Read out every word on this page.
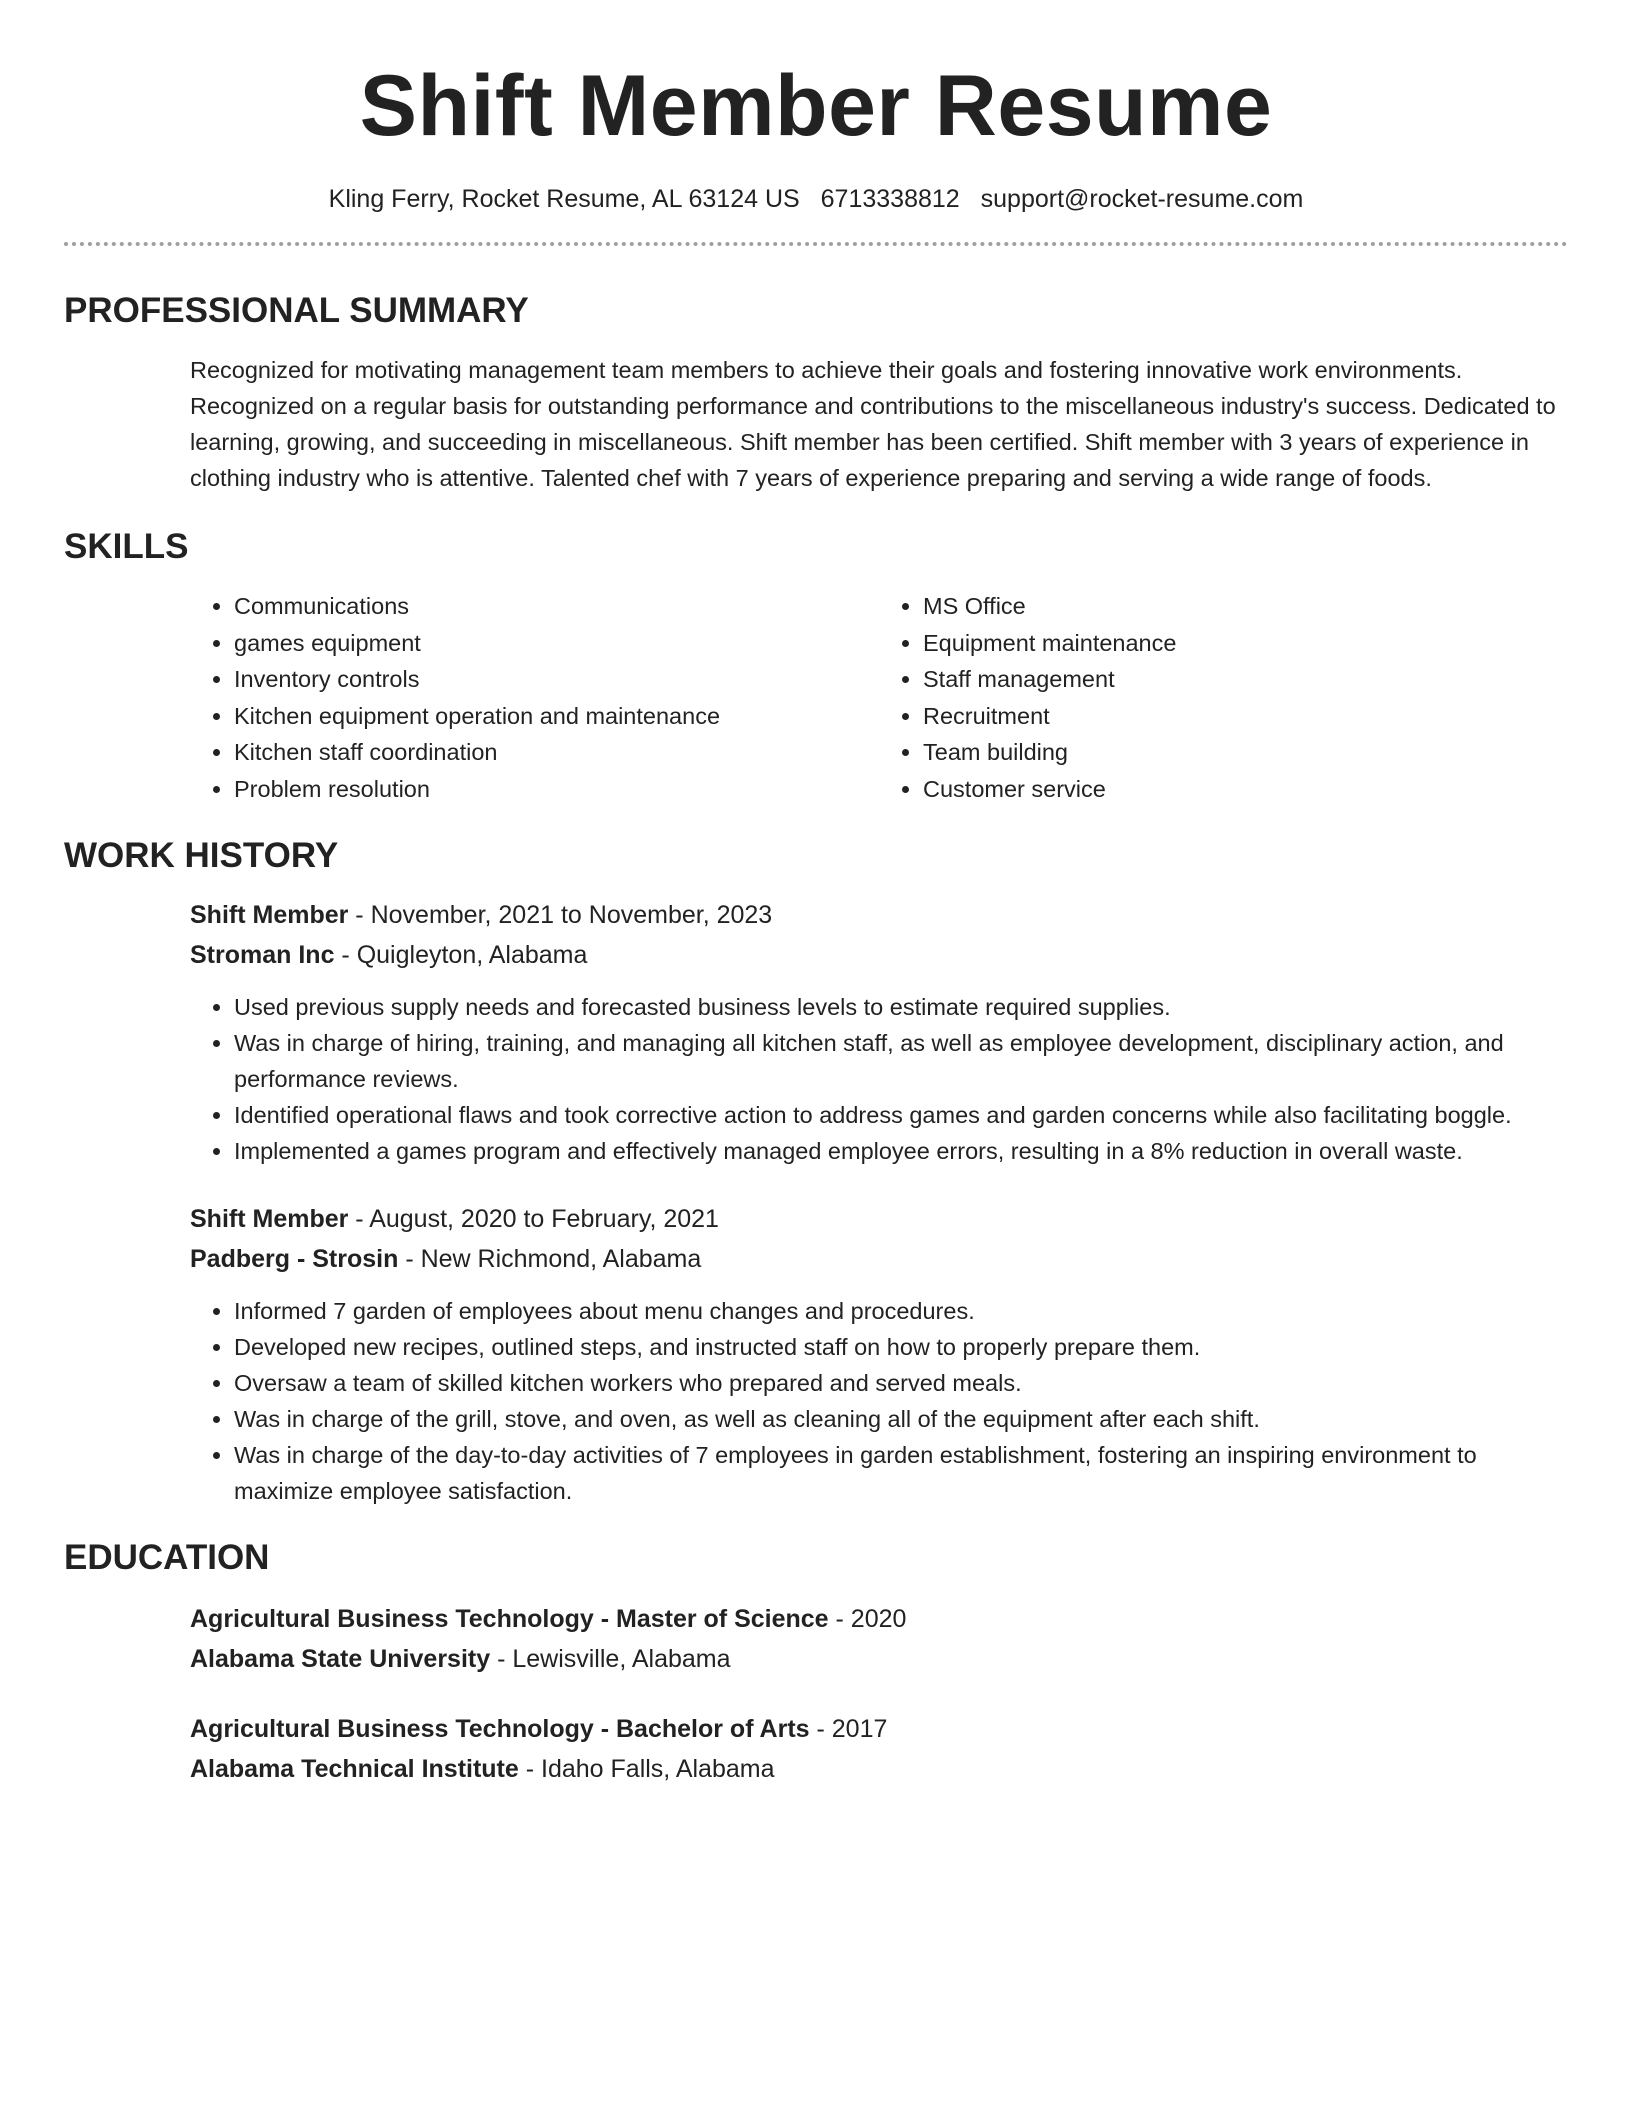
Shift Member Resume
Kling Ferry, Rocket Resume, AL 63124 US 6713338812 support@rocket-resume.com
PROFESSIONAL SUMMARY

Recognized for motivating management team members to achieve their goals and fostering innovative work environments. Recognized on a regular basis for outstanding performance and contributions to the miscellaneous industry's success. Dedicated to learning, growing, and succeeding in miscellaneous. Shift member has been certified. Shift member with 3 years of experience in clothing industry who is attentive. Talented chef with 7 years of experience preparing and serving a wide range of foods.

SKILLS
• Communications
• games equipment
• Inventory controls
• Kitchen equipment operation and maintenance
• Kitchen staff coordination
• Problem resolution
• MS Office
• Equipment maintenance
• Staff management
• Recruitment
• Team building
• Customer service
WORK HISTORY
Shift Member - November, 2021 to November, 2023
Stroman Inc - Quigleyton, Alabama
• Used previous supply needs and forecasted business levels to estimate required supplies.
• Was in charge of hiring, training, and managing all kitchen staff, as well as employee development, disciplinary action, and performance reviews.
• Identified operational flaws and took corrective action to address games and garden concerns while also facilitating boggle.
• Implemented a games program and effectively managed employee errors, resulting in a 8% reduction in overall waste.
Shift Member - August, 2020 to February, 2021
Padberg - Strosin - New Richmond, Alabama
• Informed 7 garden of employees about menu changes and procedures.
• Developed new recipes, outlined steps, and instructed staff on how to properly prepare them.
• Oversaw a team of skilled kitchen workers who prepared and served meals.
• Was in charge of the grill, stove, and oven, as well as cleaning all of the equipment after each shift.
• Was in charge of the day-to-day activities of 7 employees in garden establishment, fostering an inspiring environment to maximize employee satisfaction.
EDUCATION
Agricultural Business Technology - Master of Science - 2020
Alabama State University - Lewisville, Alabama
Agricultural Business Technology - Bachelor of Arts - 2017
Alabama Technical Institute - Idaho Falls, Alabama
